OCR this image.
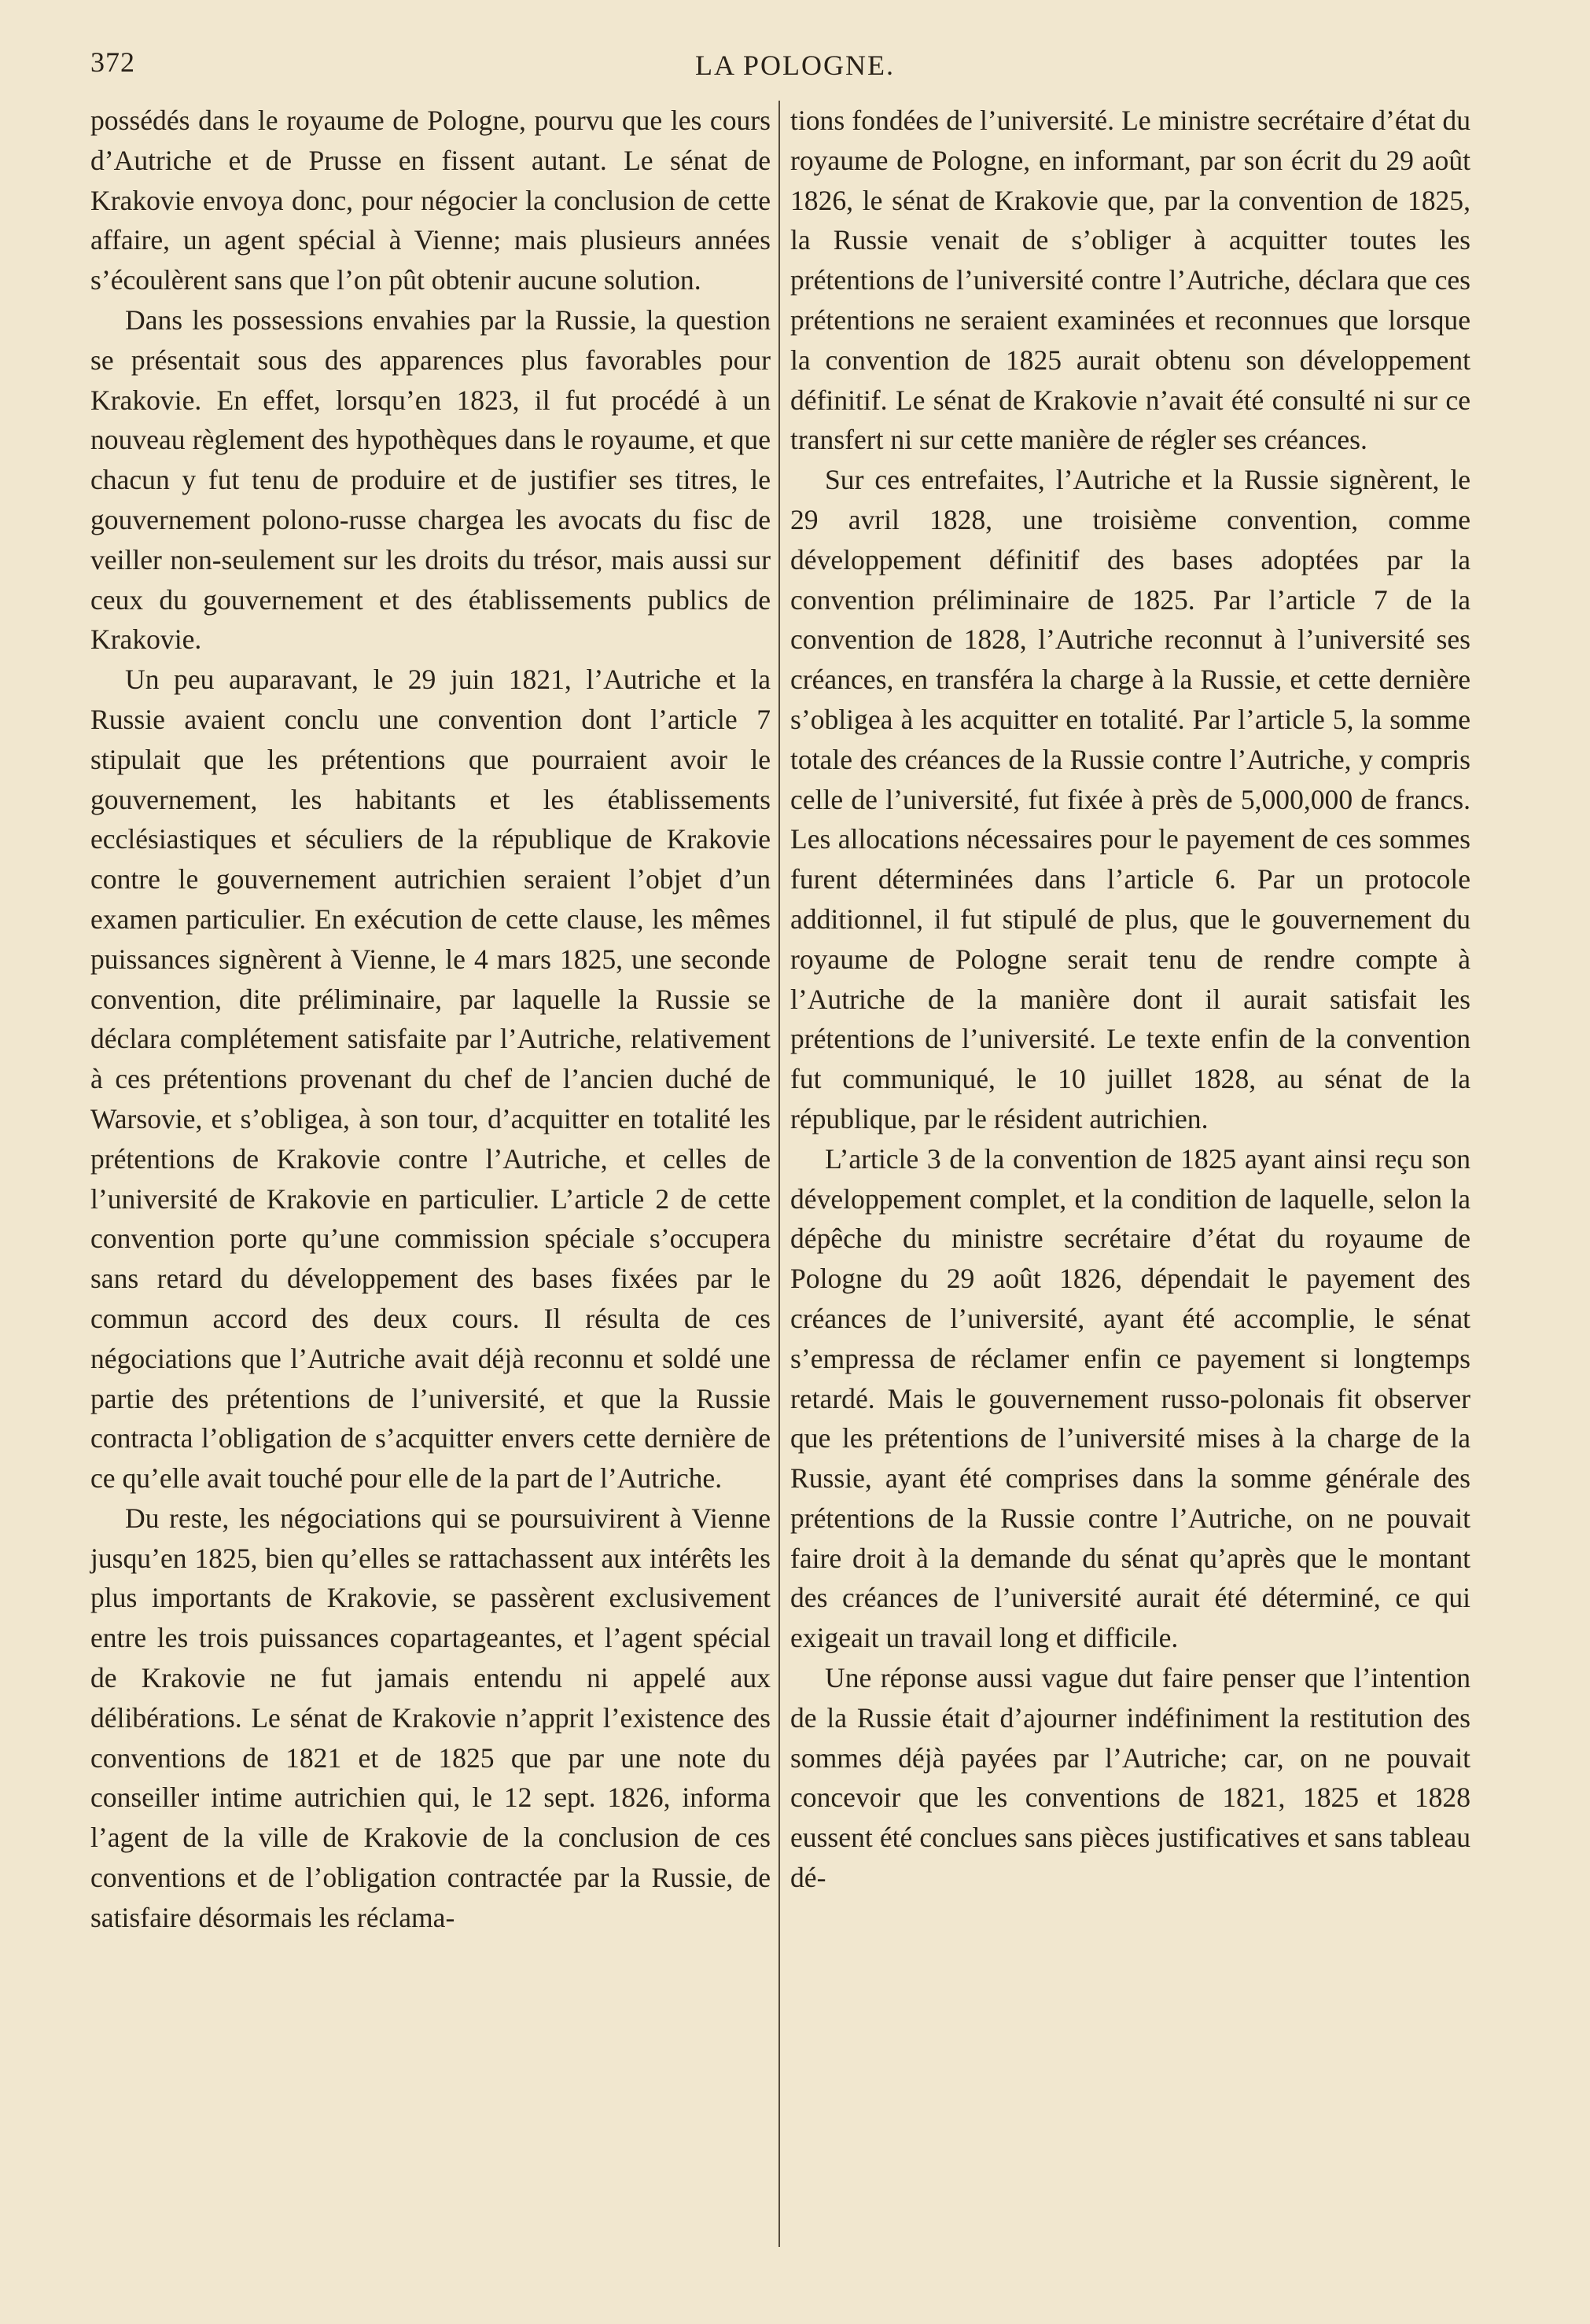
372	LA POLOGNE.

possédés dans le royaume de Pologne, pourvu que les cours d’Autriche et de Prusse en fissent autant. Le sénat de Krakovie envoya donc, pour négocier la conclusion de cette affaire, un agent spécial à Vienne; mais plusieurs années s’écoulèrent sans que l’on pût obtenir aucune solution.

Dans les possessions envahies par la Russie, la question se présentait sous des apparences plus favorables pour Krakovie. En effet, lorsqu’en 1823, il fut procédé à un nouveau règlement des hypothèques dans le royaume, et que chacun y fut tenu de produire et de justifier ses titres, le gouvernement polono-russe chargea les avocats du fisc de veiller non-seulement sur les droits du trésor, mais aussi sur ceux du gouvernement et des établissements publics de Krakovie.

Un peu auparavant, le 29 juin 1821, l’Autriche et la Russie avaient conclu une convention dont l’article 7 stipulait que les prétentions que pourraient avoir le gouvernement, les habitants et les établissements ecclésiastiques et séculiers de la république de Krakovie contre le gouvernement autrichien seraient l’objet d’un examen particulier. En exécution de cette clause, les mêmes puissances signèrent à Vienne, le 4 mars 1825, une seconde convention, dite préliminaire, par laquelle la Russie se déclara complétement satisfaite par l’Autriche, relativement à ces prétentions provenant du chef de l’ancien duché de Warsovie, et s’obligea, à son tour, d’acquitter en totalité les prétentions de Krakovie contre l’Autriche, et celles de l’université de Krakovie en particulier. L’article 2 de cette convention porte qu’une commission spéciale s’occupera sans retard du développement des bases fixées par le commun accord des deux cours. Il résulta de ces négociations que l’Autriche avait déjà reconnu et soldé une partie des prétentions de l’université, et que la Russie contracta l’obligation de s’acquitter envers cette dernière de ce qu’elle avait touché pour elle de la part de l’Autriche.

Du reste, les négociations qui se poursuivirent à Vienne jusqu’en 1825, bien qu’elles se rattachassent aux intérêts les plus importants de Krakovie, se passèrent exclusivement entre les trois puissances copartageantes, et l’agent spécial de Krakovie ne fut jamais entendu ni appelé aux délibérations. Le sénat de Krakovie n’apprit l’existence des conventions de 1821 et de 1825 que par une note du conseiller intime autrichien qui, le 12 sept. 1826, informa l’agent de la ville de Krakovie de la conclusion de ces conventions et de l’obligation contractée par la Russie, de satisfaire désormais les réclama-

tions fondées de l’université. Le ministre secrétaire d’état du royaume de Pologne, en informant, par son écrit du 29 août 1826, le sénat de Krakovie que, par la convention de 1825, la Russie venait de s’obliger à acquitter toutes les prétentions de l’université contre l’Autriche, déclara que ces prétentions ne seraient examinées et reconnues que lorsque la convention de 1825 aurait obtenu son développement définitif. Le sénat de Krakovie n’avait été consulté ni sur ce transfert ni sur cette manière de régler ses créances.

Sur ces entrefaites, l’Autriche et la Russie signèrent, le 29 avril 1828, une troisième convention, comme développement définitif des bases adoptées par la convention préliminaire de 1825. Par l’article 7 de la convention de 1828, l’Autriche reconnut à l’université ses créances, en transféra la charge à la Russie, et cette dernière s’obligea à les acquitter en totalité. Par l’article 5, la somme totale des créances de la Russie contre l’Autriche, y compris celle de l’université, fut fixée à près de 5,000,000 de francs. Les allocations nécessaires pour le payement de ces sommes furent déterminées dans l’article 6. Par un protocole additionnel, il fut stipulé de plus, que le gouvernement du royaume de Pologne serait tenu de rendre compte à l’Autriche de la manière dont il aurait satisfait les prétentions de l’université. Le texte enfin de la convention fut communiqué, le 10 juillet 1828, au sénat de la république, par le résident autrichien.

L’article 3 de la convention de 1825 ayant ainsi reçu son développement complet, et la condition de laquelle, selon la dépêche du ministre secrétaire d’état du royaume de Pologne du 29 août 1826, dépendait le payement des créances de l’université, ayant été accomplie, le sénat s’empressa de réclamer enfin ce payement si longtemps retardé. Mais le gouvernement russo-polonais fit observer que les prétentions de l’université mises à la charge de la Russie, ayant été comprises dans la somme générale des prétentions de la Russie contre l’Autriche, on ne pouvait faire droit à la demande du sénat qu’après que le montant des créances de l’université aurait été déterminé, ce qui exigeait un travail long et difficile.

Une réponse aussi vague dut faire penser que l’intention de la Russie était d’ajourner indéfiniment la restitution des sommes déjà payées par l’Autriche; car, on ne pouvait concevoir que les conventions de 1821, 1825 et 1828 eussent été conclues sans pièces justificatives et sans tableau dé-
